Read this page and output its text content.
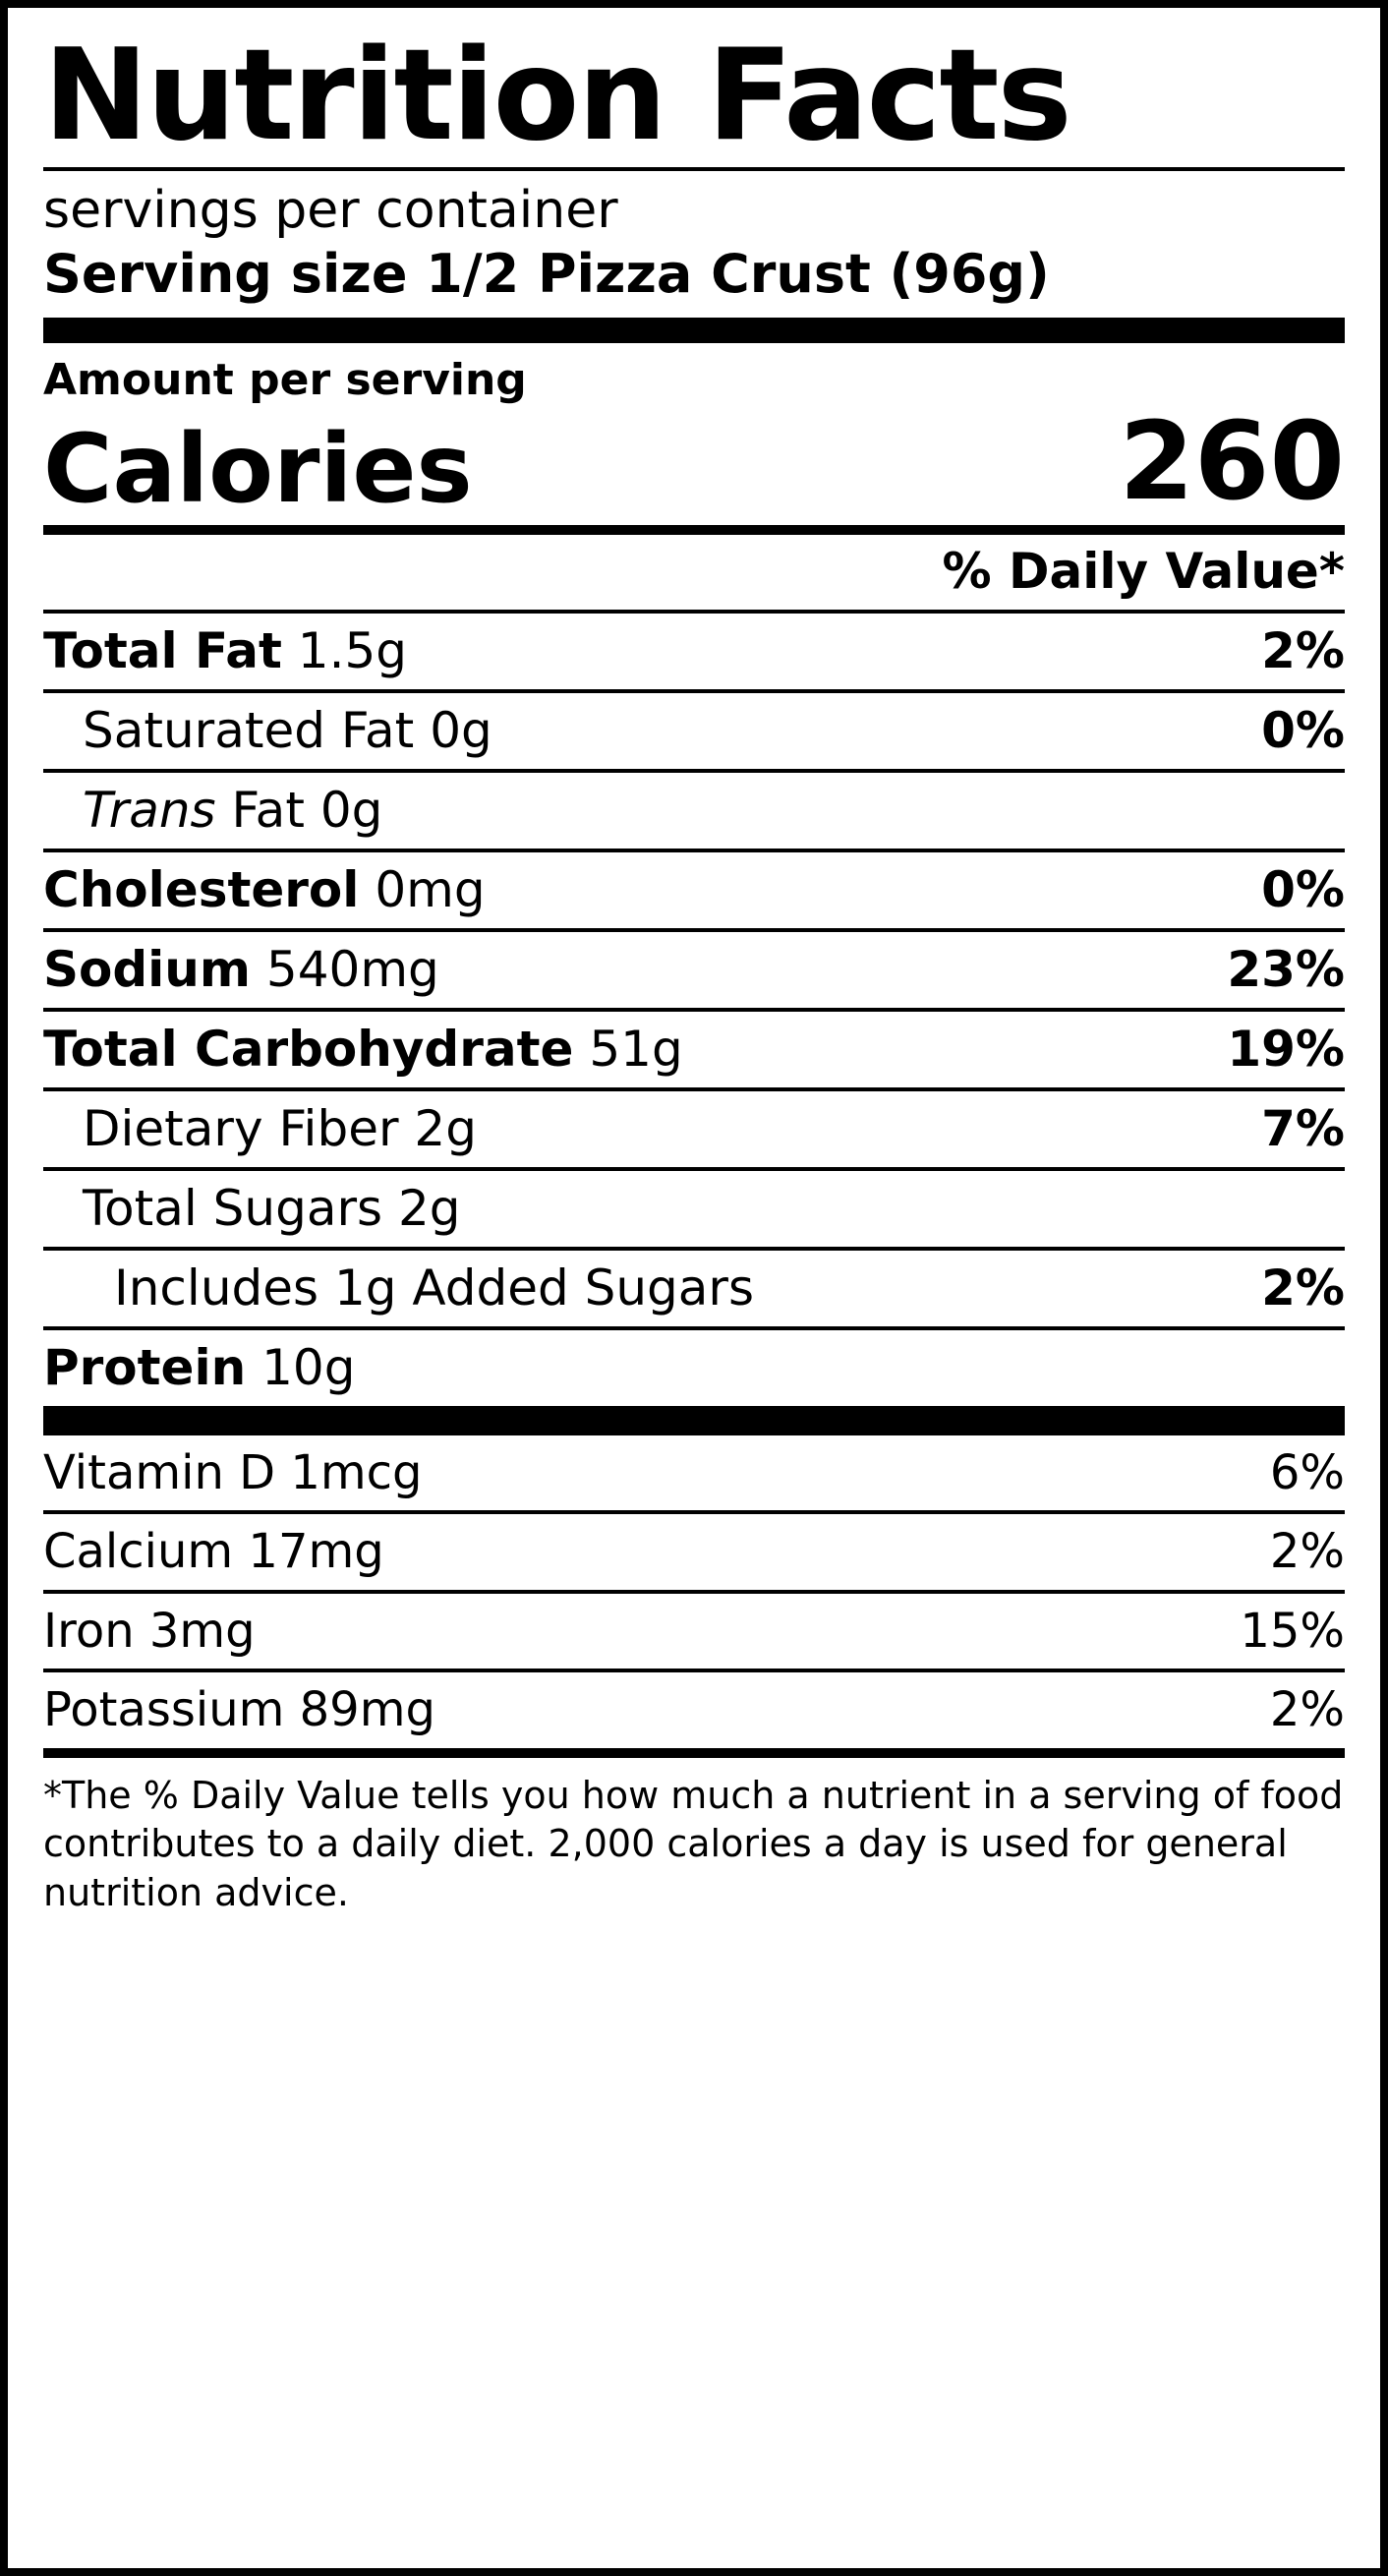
Nutrition Facts
servings per container
Serving size 1/2 Pizza Crust (96g)
Amount per serving
Calories	260
% Daily Value*
Total Fat 1.5g	2%
Saturated Fat 0g	0%
Trans Fat 0g
Cholesterol 0mg	0%
Sodium 540mg	23%
Total Carbohydrate 51g	19%
Dietary Fiber 2g	7%
Total Sugars 2g
Includes 1g Added Sugars	2%
Protein 10g
Vitamin D 1mcg	6%
Calcium 17mg	2%
Iron 3mg	15%
Potassium 89mg	2%
*The % Daily Value tells you how much a nutrient in a serving of food contributes to a daily diet. 2,000 calories a day is used for general nutrition advice.
